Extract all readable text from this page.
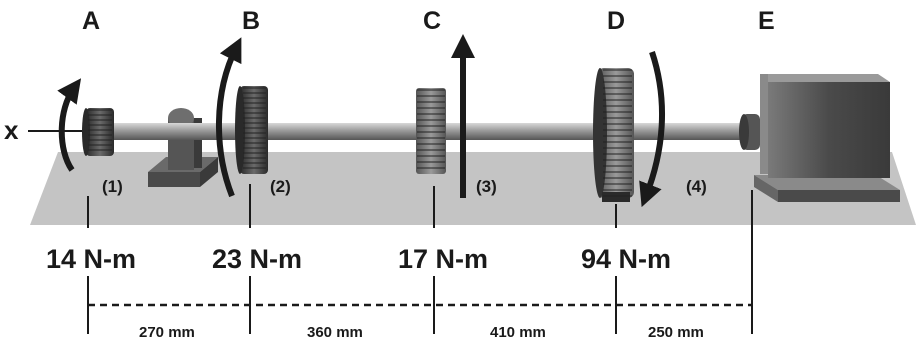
x
A	B	C	D	E
(1)	(2)	(3)	(4)
14 N-m	23 N-m	17 N-m	94 N-m
270 mm	360 mm	410 mm	250 mm
